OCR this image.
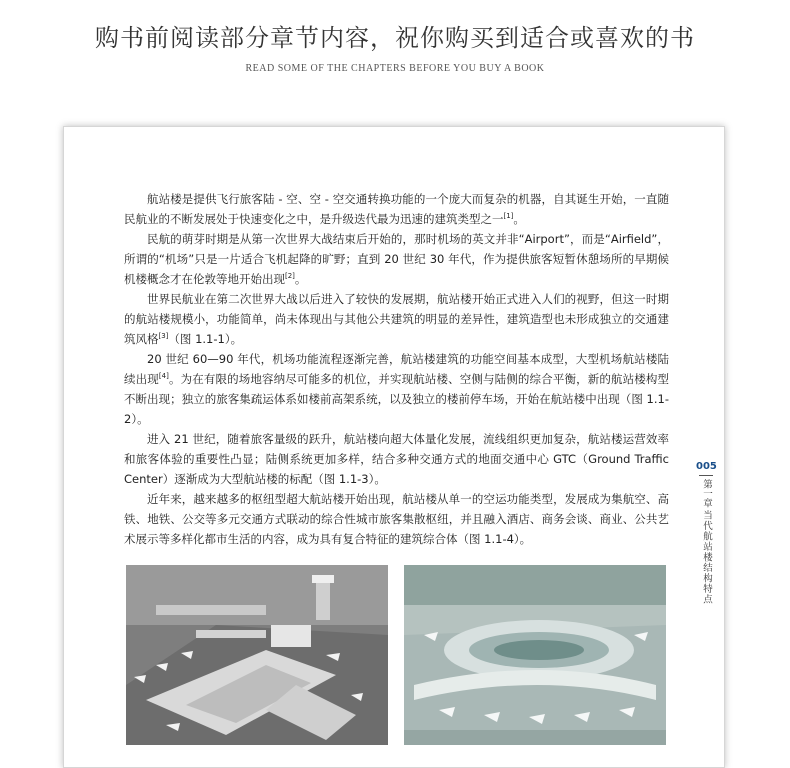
购书前阅读部分章节内容，祝你购买到适合或喜欢的书
READ SOME OF THE CHAPTERS BEFORE YOU BUY A BOOK

航站楼是提供飞行旅客陆 - 空、空 - 空交通转换功能的一个庞大而复杂的机器，自其诞生开始，一直随民航业的不断发展处于快速变化之中，是升级迭代最为迅速的建筑类型之一[1]。

民航的萌芽时期是从第一次世界大战结束后开始的，那时机场的英文并非“Airport”，而是“Airfield”，所谓的“机场”只是一片适合飞机起降的旷野；直到 20 世纪 30 年代，作为提供旅客短暂休憩场所的早期候机楼概念才在伦敦等地开始出现[2]。

世界民航业在第二次世界大战以后进入了较快的发展期，航站楼开始正式进入人们的视野，但这一时期的航站楼规模小，功能简单，尚未体现出与其他公共建筑的明显的差异性，建筑造型也未形成独立的交通建筑风格[3]（图 1.1-1）。

20 世纪 60—90 年代，机场功能流程逐渐完善，航站楼建筑的功能空间基本成型，大型机场航站楼陆续出现[4]。为在有限的场地容纳尽可能多的机位，并实现航站楼、空侧与陆侧的综合平衡，新的航站楼构型不断出现；独立的旅客集疏运体系如楼前高架系统，以及独立的楼前停车场，开始在航站楼中出现（图 1.1-2）。

进入 21 世纪，随着旅客量级的跃升，航站楼向超大体量化发展，流线组织更加复杂，航站楼运营效率和旅客体验的重要性凸显；陆侧系统更加多样，结合多种交通方式的地面交通中心 GTC（Ground Traffic Center）逐渐成为大型航站楼的标配（图 1.1-3）。

近年来，越来越多的枢纽型超大航站楼开始出现，航站楼从单一的空运功能类型，发展成为集航空、高铁、地铁、公交等多元交通方式联动的综合性城市旅客集散枢纽，并且融入酒店、商务会谈、商业、公共艺术展示等多样化都市生活的内容，成为具有复合特征的建筑综合体（图 1.1-4）。

005
第一章
当代航站楼结构特点
